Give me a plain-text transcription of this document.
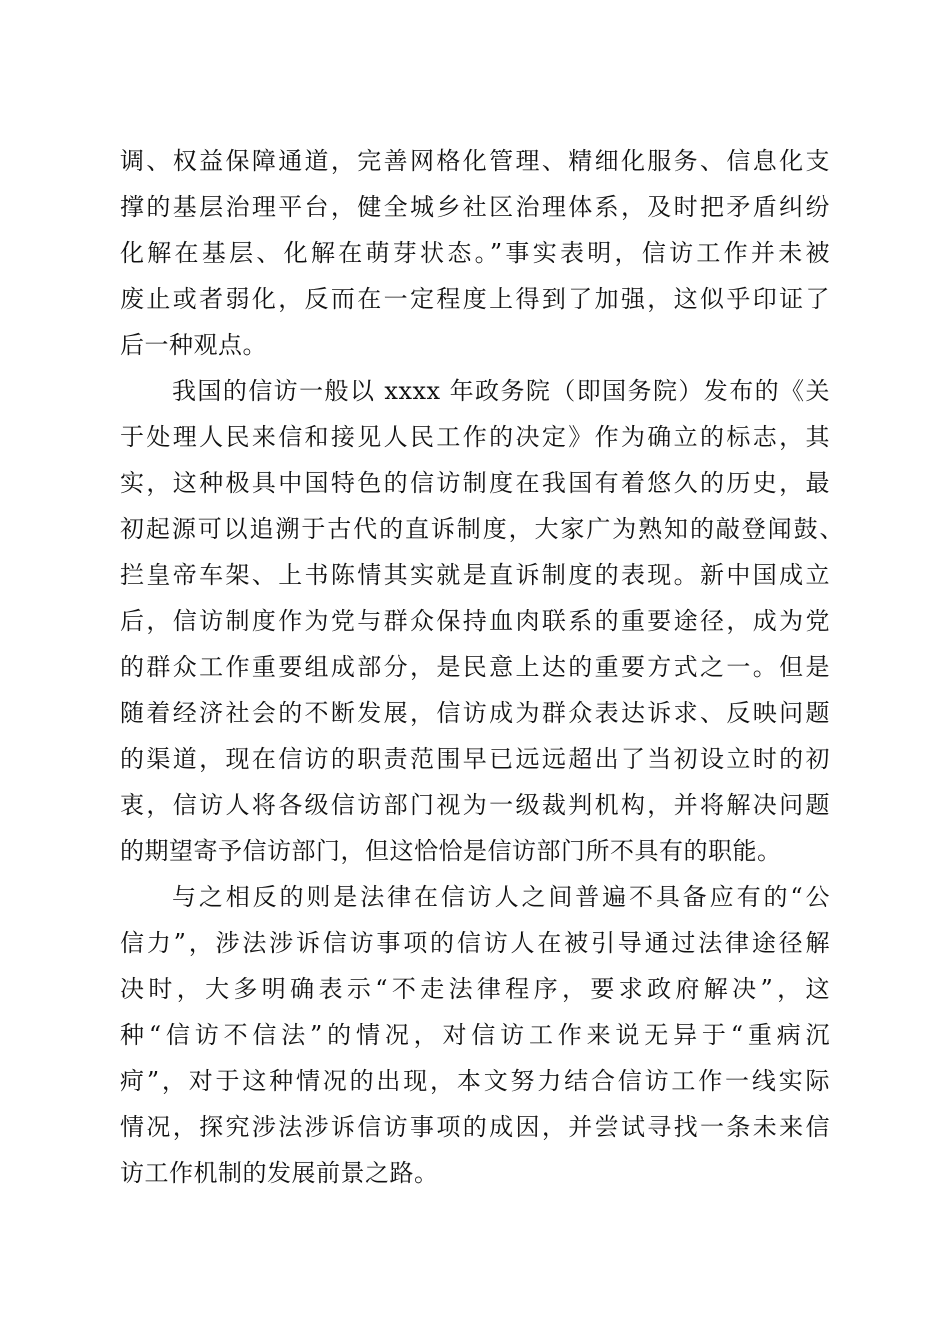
调、权益保障通道，完善网格化管理、精细化服务、信息化支
撑的基层治理平台，健全城乡社区治理体系，及时把矛盾纠纷
化解在基层、化解在萌芽状态。”事实表明，信访工作并未被
废止或者弱化，反而在一定程度上得到了加强，这似乎印证了
后一种观点。
我国的信访一般以 xxxx 年政务院（即国务院）发布的《关
于处理人民来信和接见人民工作的决定》作为确立的标志，其
实，这种极具中国特色的信访制度在我国有着悠久的历史，最
初起源可以追溯于古代的直诉制度，大家广为熟知的敲登闻鼓、
拦皇帝车架、上书陈情其实就是直诉制度的表现。新中国成立
后，信访制度作为党与群众保持血肉联系的重要途径，成为党
的群众工作重要组成部分，是民意上达的重要方式之一。但是
随着经济社会的不断发展，信访成为群众表达诉求、反映问题
的渠道，现在信访的职责范围早已远远超出了当初设立时的初
衷，信访人将各级信访部门视为一级裁判机构，并将解决问题
的期望寄予信访部门，但这恰恰是信访部门所不具有的职能。
与之相反的则是法律在信访人之间普遍不具备应有的“公
信力”，涉法涉诉信访事项的信访人在被引导通过法律途径解
决时，大多明确表示“不走法律程序，要求政府解决”，这
种“信访不信法”的情况，对信访工作来说无异于“重病沉
疴”，对于这种情况的出现，本文努力结合信访工作一线实际
情况，探究涉法涉诉信访事项的成因，并尝试寻找一条未来信
访工作机制的发展前景之路。
